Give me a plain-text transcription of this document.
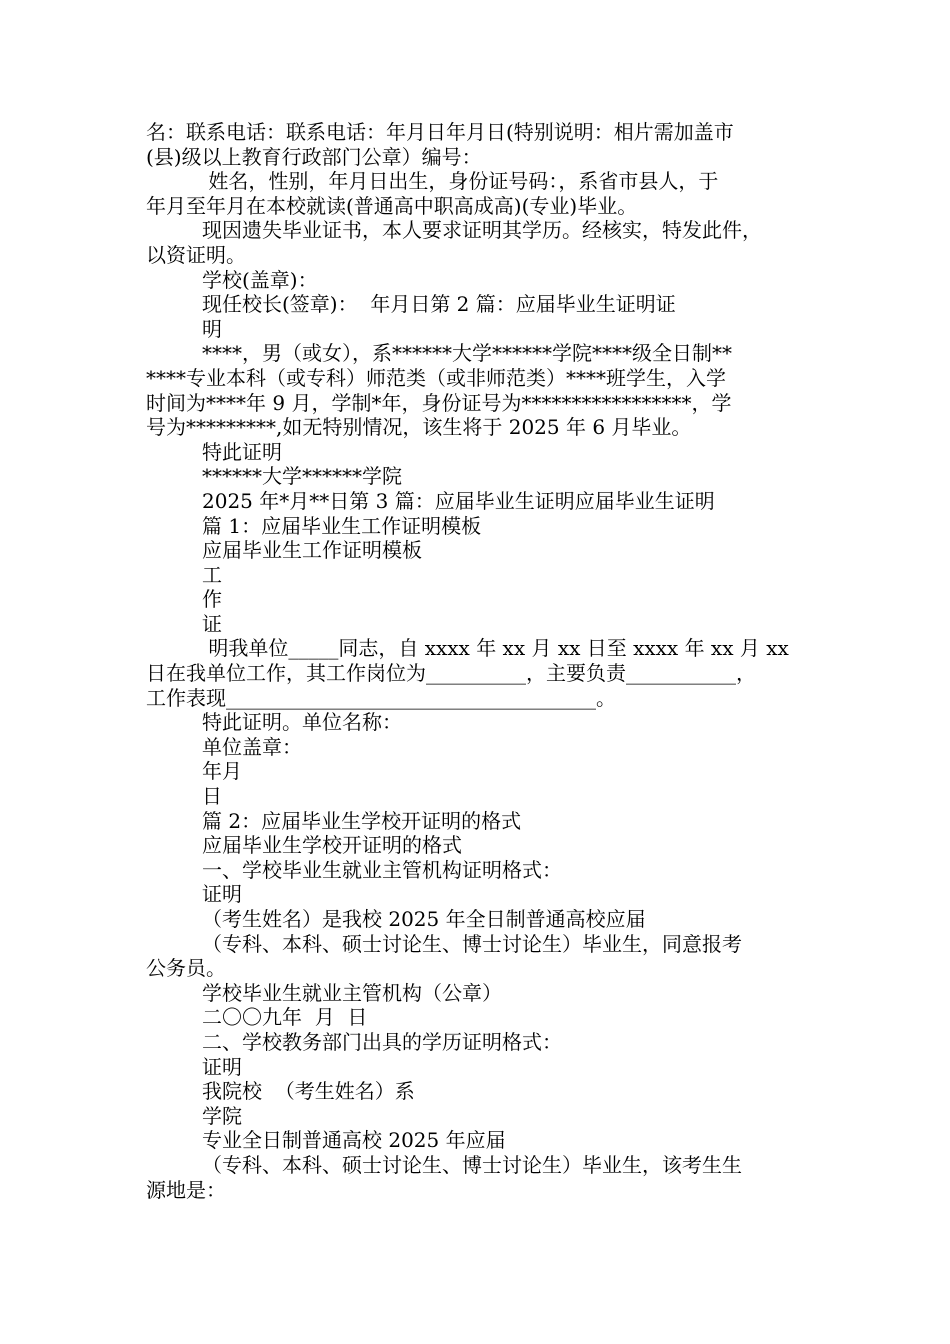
名：联系电话：联系电话：年月日年月日(特别说明：相片需加盖市
(县)级以上教育行政部门公章）编号：
姓名，性别，年月日出生，身份证号码：，系省市县人，于
年月至年月在本校就读(普通高中职高成高)(专业)毕业。
现因遗失毕业证书，本人要求证明其学历。经核实，特发此件，
以资证明。
学校(盖章)：
现任校长(签章)：  年月日第 2 篇：应届毕业生证明证
明
****，男（或女），系******大学******学院****级全日制**
****专业本科（或专科）师范类（或非师范类）****班学生，入学
时间为****年 9 月，学制*年，身份证号为*****************，学
号为*********,如无特别情况，该生将于 2025 年 6 月毕业。
特此证明
******大学******学院
2025 年*月**日第 3 篇：应届毕业生证明应届毕业生证明
篇 1：应届毕业生工作证明模板
应届毕业生工作证明模板
工
作
证
明我单位_____同志，自 xxxx 年 xx 月 xx 日至 xxxx 年 xx 月 xx
日在我单位工作，其工作岗位为__________，主要负责___________，
工作表现_____________________________________。
特此证明。单位名称：
单位盖章：
年月
日
篇 2：应届毕业生学校开证明的格式
应届毕业生学校开证明的格式
一、学校毕业生就业主管机构证明格式：
证明
（考生姓名）是我校 2025 年全日制普通高校应届
（专科、本科、硕士讨论生、博士讨论生）毕业生，同意报考
公务员。
学校毕业生就业主管机构（公章）
二〇〇九年  月  日
二、学校教务部门出具的学历证明格式：
证明
我院校  （考生姓名）系
学院
专业全日制普通高校 2025 年应届
（专科、本科、硕士讨论生、博士讨论生）毕业生，该考生生
源地是：
